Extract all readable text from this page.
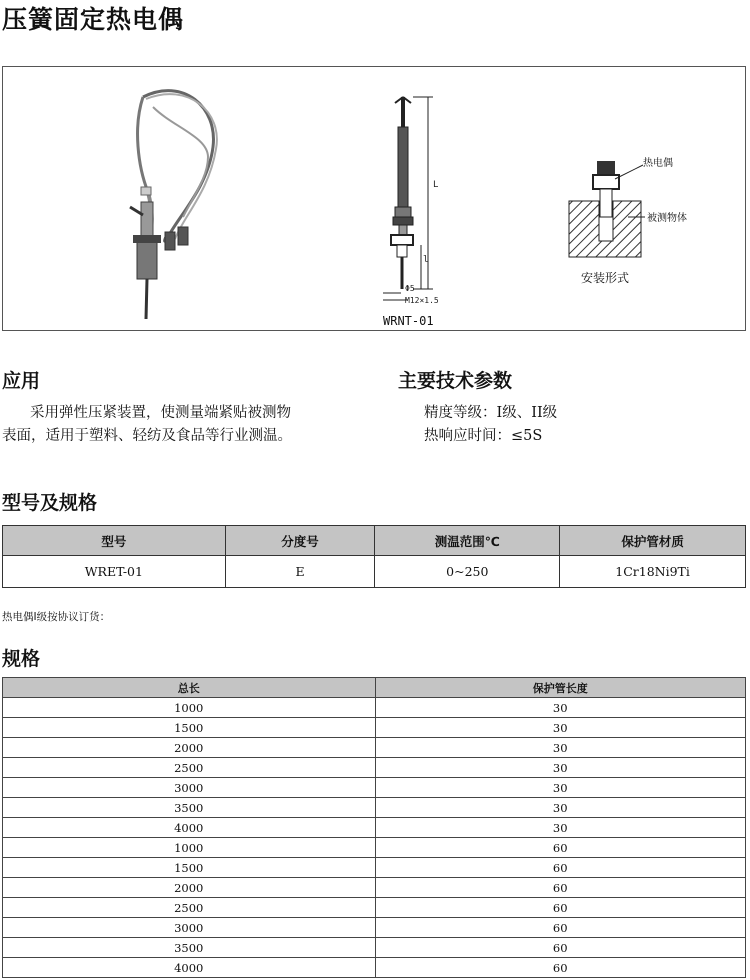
压簧固定热电偶
L
l
Φ5
M12×1.5
WRNT-01
热电偶
被测物体
安装形式
应用
采用弹性压紧装置，使测量端紧贴被测物
表面，适用于塑料、轻纺及食品等行业测温。
主要技术参数
精度等级：I级、II级
热响应时间：≤5S
型号及规格
型号	分度号	测温范围℃	保护管材质
WRET-01	E	0~250	1Cr18Ni9Ti
热电偶I级按协议订货：
规格
总长	保护管长度
1000	30
1500	30
2000	30
2500	30
3000	30
3500	30
4000	30
1000	60
1500	60
2000	60
2500	60
3000	60
3500	60
4000	60
